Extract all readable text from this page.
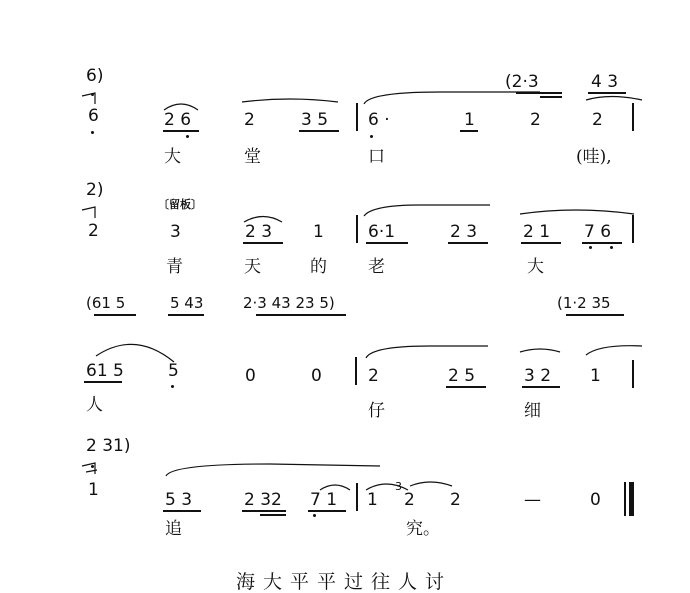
6)
6	2 6	2	3 5 6 ·	1	2	2
(2·3	4 3
大	堂	口	(哇),
2)
2
〔留板〕
3	2 3 1	6·1	2 3	2 1 7 6
青	天	的 老	大
(61 5	5 43	2·3 43 23 5)	(1·2 35
61 5	5	0	0	2	2 5	3 2 1
人	仔	细
2 31)
1	5 3	2 32 7 1 1
3
2 2	—	0
追	究。
海大平平过往人讨
